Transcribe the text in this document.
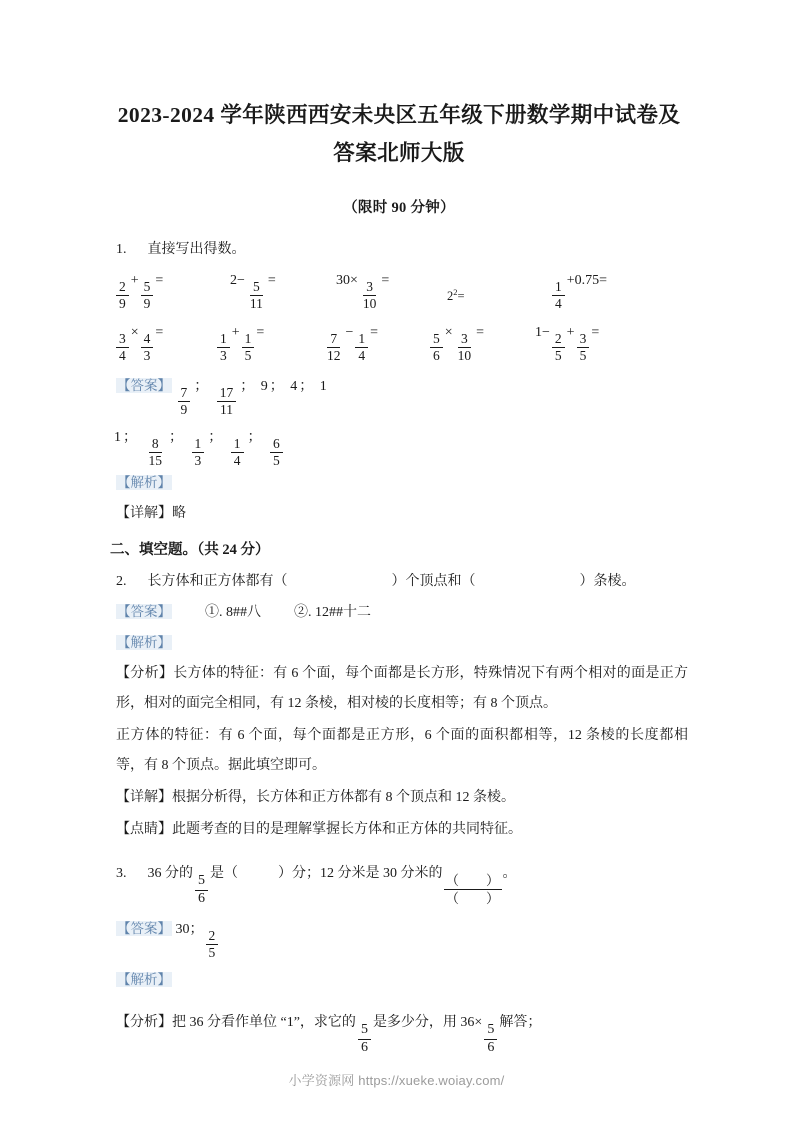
2023-2024 学年陕西西安未央区五年级下册数学期中试卷及
答案北师大版
（限时 90 分钟）
1. 直接写出得数。
$\frac{2}{9} + \frac{5}{9}$ =	$2- \frac{5}{11}$ =	$30\times \frac{3}{10}$ =
$2^2=$	$\frac{1}{4} +0.75=$
$\frac{3}{4} \times \frac{4}{3}$ =	$\frac{1}{3} + \frac{1}{5}$ =	$\frac{7}{12} - \frac{1}{4}$ =	$\frac{5}{6} \times \frac{3}{10}$ =	$1- \frac{2}{5} + \frac{3}{5}$ =
【答案】
$\frac{7}{9}$ ； $\frac{17}{11}$ ； 9 ； 4 ； 1
1 ； $\frac{8}{15}$ ； $\frac{1}{3}$ ； $\frac{1}{4}$ ； $\frac{6}{5}$
【解析】
【详解】略
二、填空题。（共 24 分）
2. 长方体和正方体都有（	）个顶点和（	）条棱。
【答案】 ①. 8##八 ②. 12##十二
【解析】
【分析】长方体的特征：有 6 个面，每个面都是长方形，特殊情况下有两个相对的面是正方形，相对的面完全相同，有 12 条棱，相对棱的长度相等；有 8 个顶点。
正方体的特征：有 6 个面，每个面都是正方形，6 个面的面积都相等，12 条棱的长度都相等，有 8 个顶点。据此填空即可。
【详解】根据分析得，长方体和正方体都有 8 个顶点和 12 条棱。
【点睛】此题考查的目的是理解掌握长方体和正方体的共同特征。
3. 36 分的
$\frac{5}{6}$
是（	）分；12 分米是 30 分米的 $\frac{( )}{( )}$ 。
【答案】 30； $\frac{2}{5}$
【解析】
【分析】把 36 分看作单位 “1”，求它的
$\frac{5}{6}$
是多少分，用 36×
$\frac{5}{6}$
解答；
小学资源网 https://xueke.woiay.com/
